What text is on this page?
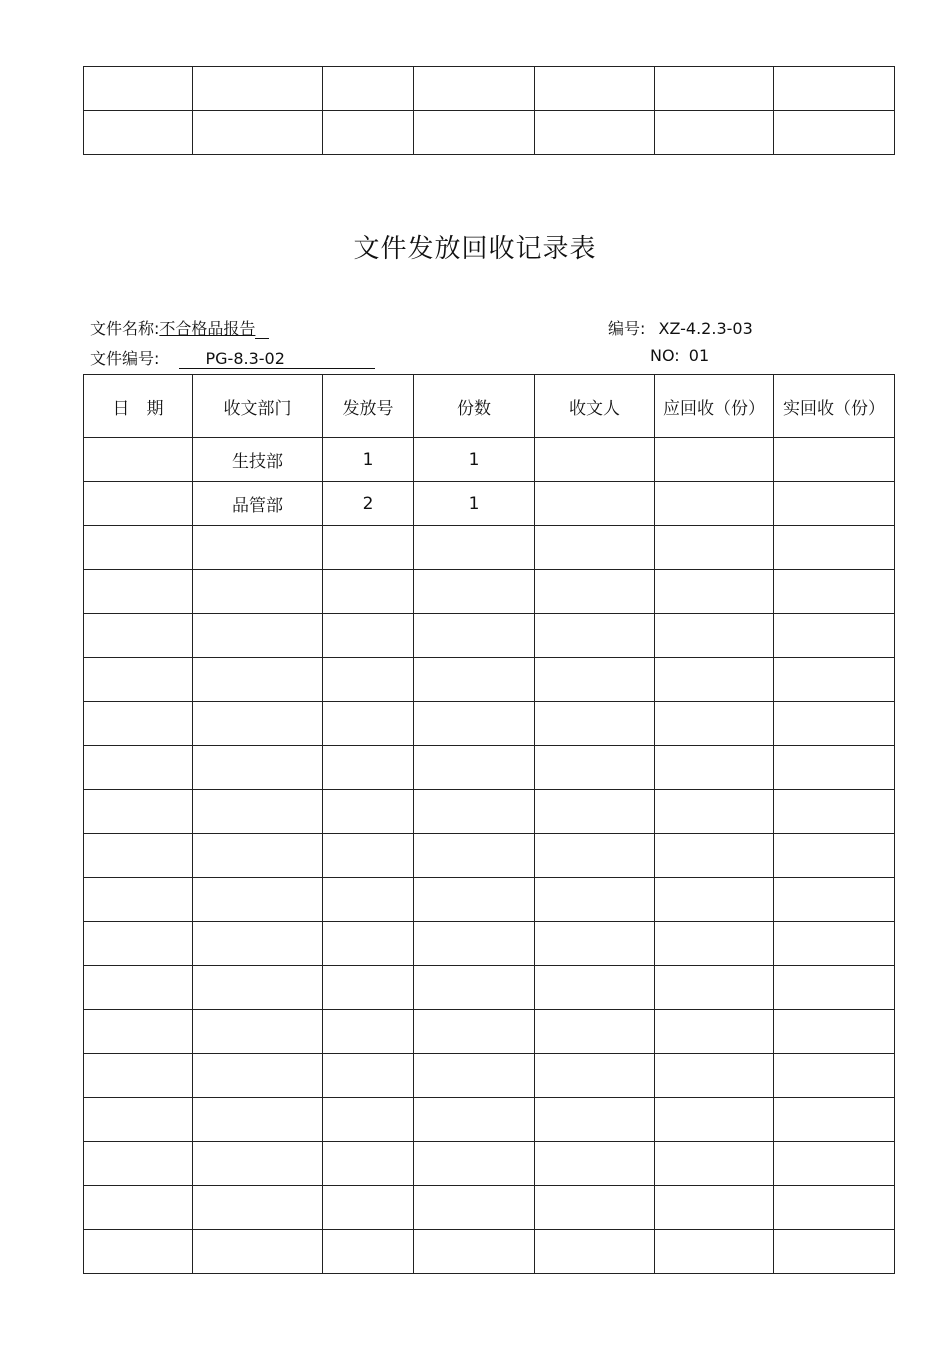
文件发放回收记录表
文件名称:不合格品报告	编号: XZ-4.2.3-03
文件编号:	PG-8.3-02	NO: 01
日　期	收文部门	发放号	份数	收文人	应回收（份）	实回收（份）
	生技部	1	1			
	品管部	2	1			
